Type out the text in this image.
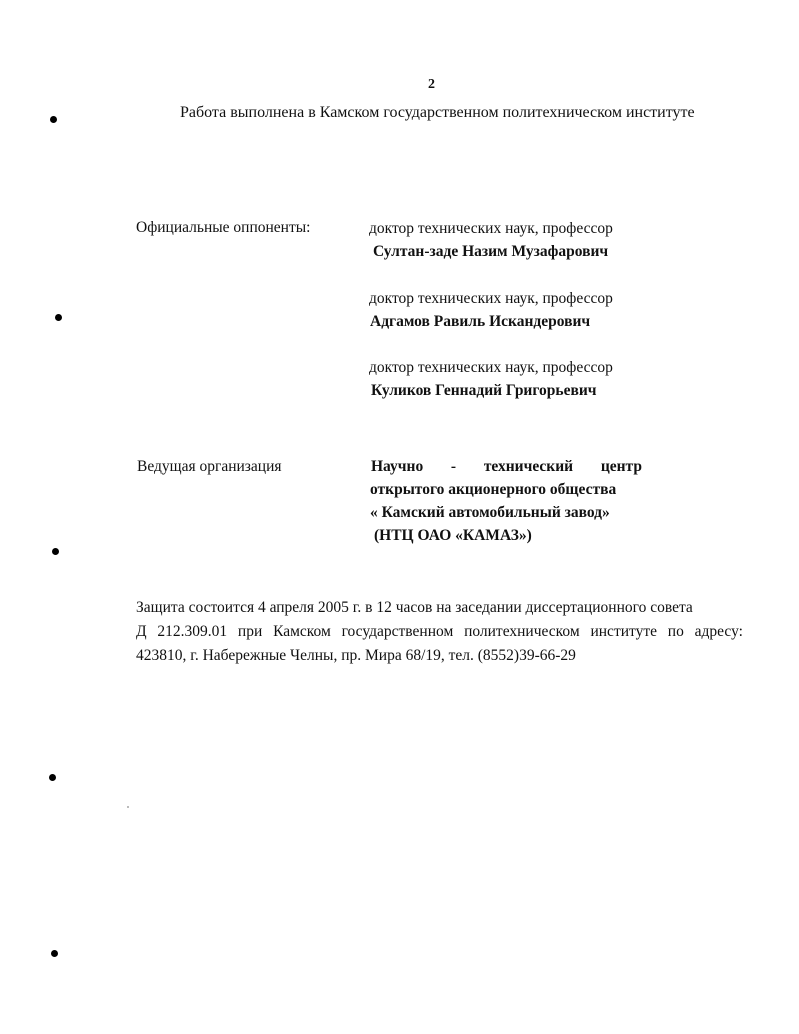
2
Работа выполнена в Камском государственном политехническом институте
Официальные оппоненты:	доктор технических наук, профессор
Султан-заде Назим Музафарович
доктор технических наук, профессор
Адгамов Равиль Искандерович
доктор технических наук, профессор
Куликов Геннадий Григорьевич
Ведущая организация	Научно - технический центр
открытого акционерного общества
« Камский автомобильный завод»
(НТЦ ОАО «КАМАЗ»)
Защита состоится 4 апреля 2005 г. в 12 часов на заседании диссертационного совета
Д 212.309.01 при Камском государственном политехническом институте по адресу:
423810, г. Набережные Челны, пр. Мира 68/19, тел. (8552)39-66-29
